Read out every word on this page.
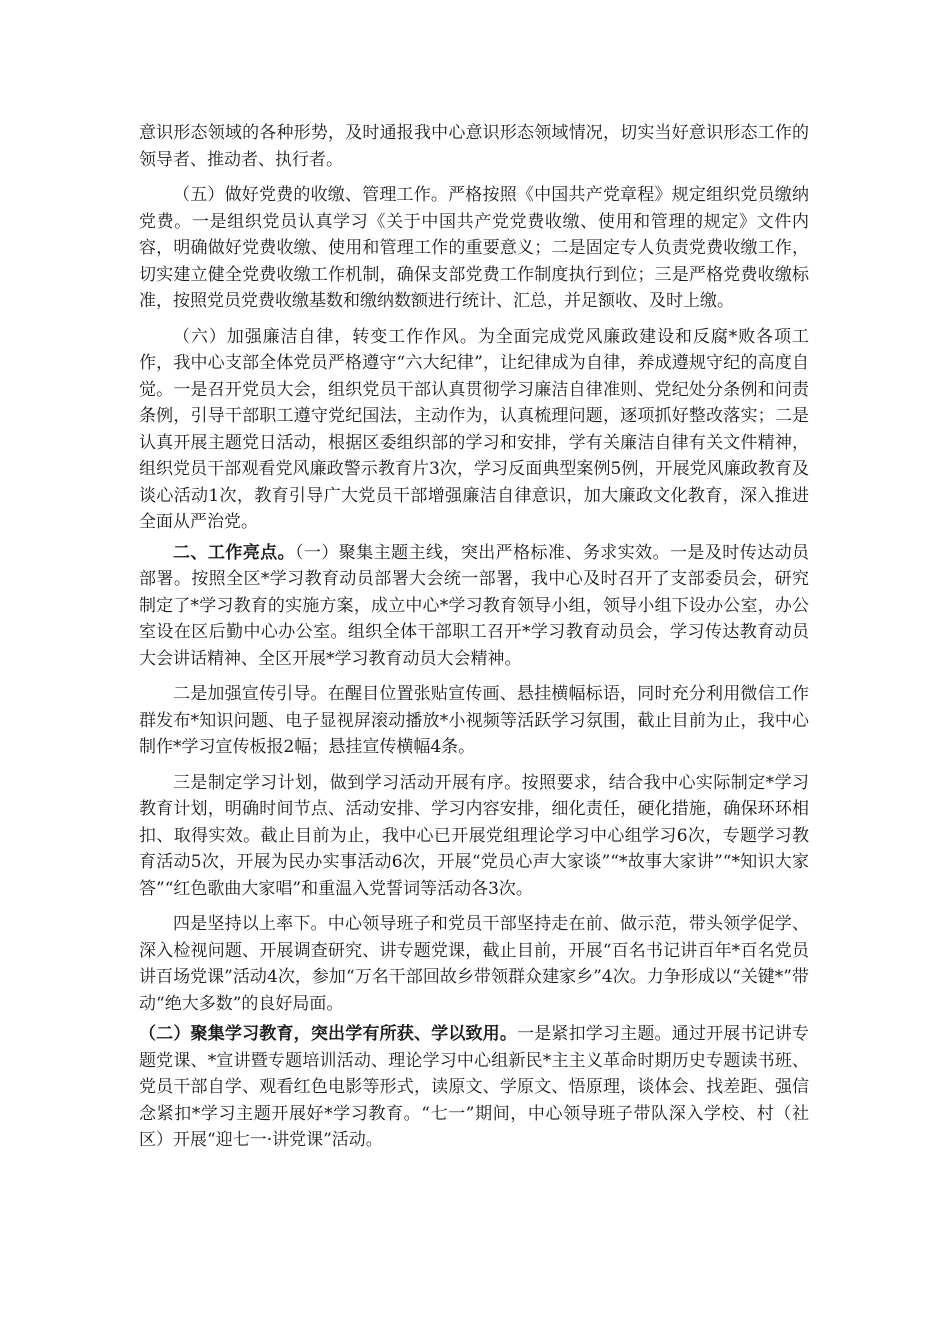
意识形态领域的各种形势，及时通报我中心意识形态领域情况，切实当好意识形态工作的领导者、推动者、执行者。

（五）做好党费的收缴、管理工作。严格按照《中国共产党章程》规定组织党员缴纳党费。一是组织党员认真学习《关于中国共产党党费收缴、使用和管理的规定》文件内容，明确做好党费收缴、使用和管理工作的重要意义；二是固定专人负责党费收缴工作，切实建立健全党费收缴工作机制，确保支部党费工作制度执行到位；三是严格党费收缴标准，按照党员党费收缴基数和缴纳数额进行统计、汇总，并足额收、及时上缴。

（六）加强廉洁自律，转变工作作风。为全面完成党风廉政建设和反腐*败各项工作，我中心支部全体党员严格遵守“六大纪律”，让纪律成为自律，养成遵规守纪的高度自觉。一是召开党员大会，组织党员干部认真贯彻学习廉洁自律准则、党纪处分条例和问责条例，引导干部职工遵守党纪国法，主动作为，认真梳理问题，逐项抓好整改落实；二是认真开展主题党日活动，根据区委组织部的学习和安排，学有关廉洁自律有关文件精神，组织党员干部观看党风廉政警示教育片3次，学习反面典型案例5例，开展党风廉政教育及谈心活动1次，教育引导广大党员干部增强廉洁自律意识，加大廉政文化教育，深入推进全面从严治党。

二、工作亮点。（一）聚集主题主线，突出严格标准、务求实效。一是及时传达动员部署。按照全区*学习教育动员部署大会统一部署，我中心及时召开了支部委员会，研究制定了*学习教育的实施方案，成立中心*学习教育领导小组，领导小组下设办公室，办公室设在区后勤中心办公室。组织全体干部职工召开*学习教育动员会，学习传达教育动员大会讲话精神、全区开展*学习教育动员大会精神。

二是加强宣传引导。在醒目位置张贴宣传画、悬挂横幅标语，同时充分利用微信工作群发布*知识问题、电子显视屏滚动播放*小视频等活跃学习氛围，截止目前为止，我中心制作*学习宣传板报2幅；悬挂宣传横幅4条。

三是制定学习计划，做到学习活动开展有序。按照要求，结合我中心实际制定*学习教育计划，明确时间节点、活动安排、学习内容安排，细化责任，硬化措施，确保环环相扣、取得实效。截止目前为止，我中心已开展党组理论学习中心组学习6次，专题学习教育活动5次，开展为民办实事活动6次，开展“党员心声大家谈”“*故事大家讲”“*知识大家答”“红色歌曲大家唱”和重温入党誓词等活动各3次。

四是坚持以上率下。中心领导班子和党员干部坚持走在前、做示范，带头领学促学、深入检视问题、开展调查研究、讲专题党课，截止目前，开展“百名书记讲百年*百名党员讲百场党课”活动4次，参加“万名干部回故乡带领群众建家乡”4次。力争形成以“关键*”带动“绝大多数”的良好局面。

（二）聚集学习教育，突出学有所获、学以致用。一是紧扣学习主题。通过开展书记讲专题党课、*宣讲暨专题培训活动、理论学习中心组新民*主主义革命时期历史专题读书班、党员干部自学、观看红色电影等形式，读原文、学原文、悟原理，谈体会、找差距、强信念紧扣*学习主题开展好*学习教育。“七一”期间，中心领导班子带队深入学校、村（社区）开展“迎七一·讲党课”活动。
